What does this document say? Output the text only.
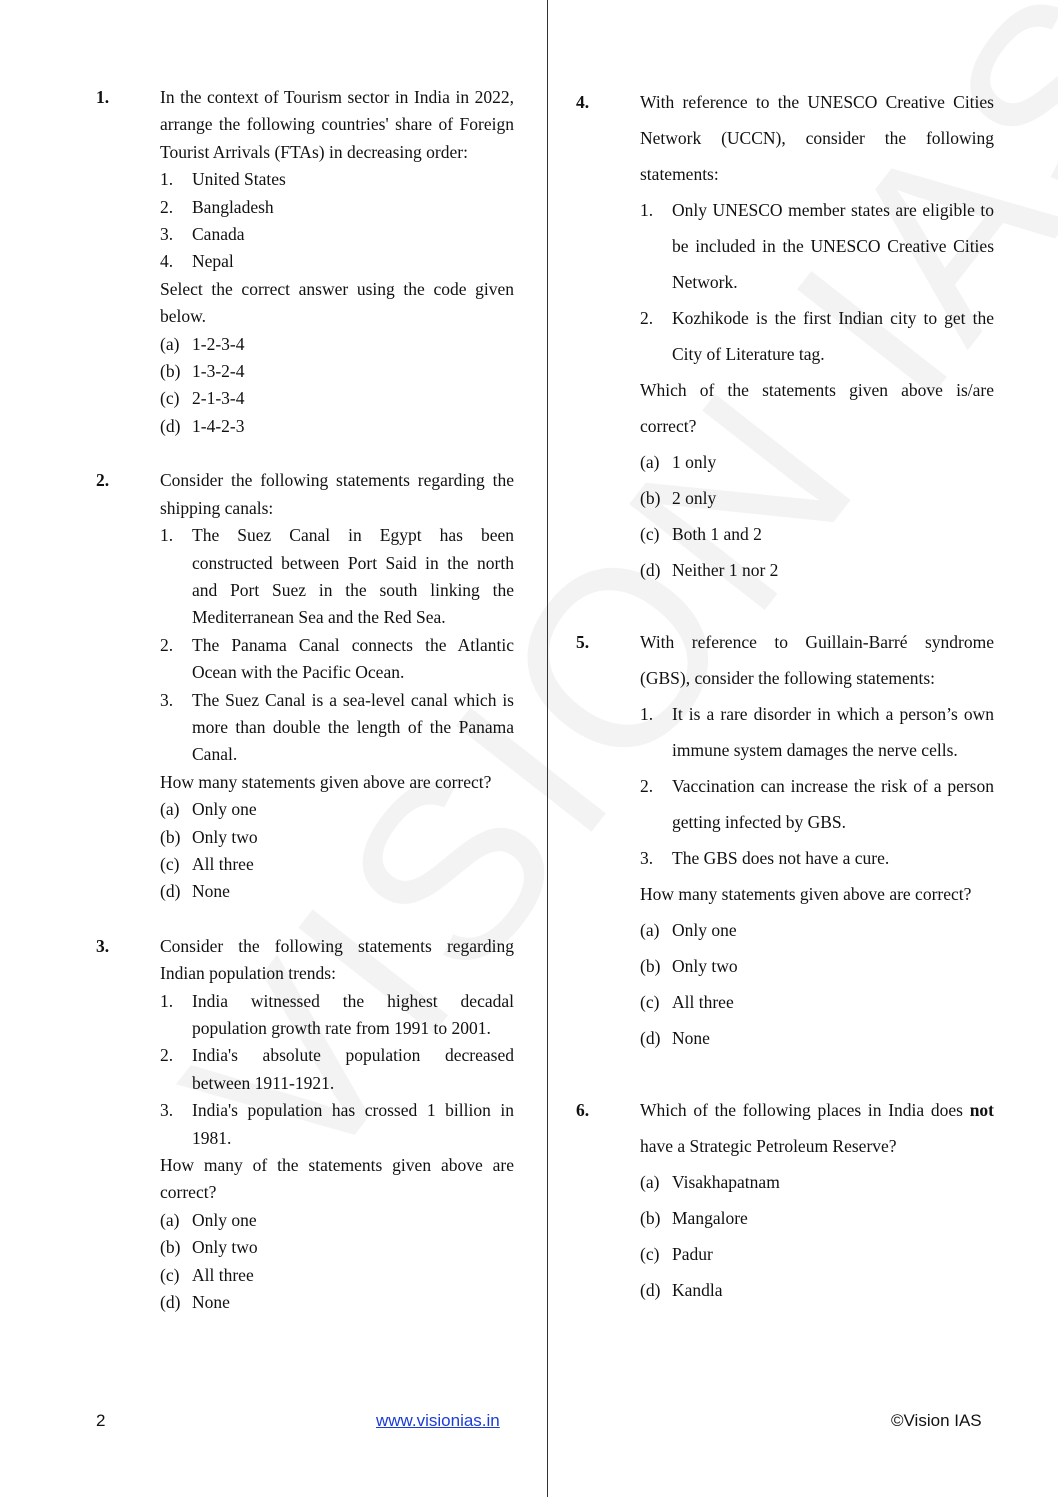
1.	In the context of Tourism sector in India in 2022, arrange the following countries' share of Foreign Tourist Arrivals (FTAs) in decreasing order:
1.	United States
2.	Bangladesh
3.	Canada
4.	Nepal
Select the correct answer using the code given below.
(a) 1-2-3-4
(b) 1-3-2-4
(c) 2-1-3-4
(d) 1-4-2-3
2.	Consider the following statements regarding the shipping canals:
1.	The Suez Canal in Egypt has been constructed between Port Said in the north and Port Suez in the south linking the Mediterranean Sea and the Red Sea.
2.	The Panama Canal connects the Atlantic Ocean with the Pacific Ocean.
3.	The Suez Canal is a sea-level canal which is more than double the length of the Panama Canal.
How many statements given above are correct?
(a) Only one
(b) Only two
(c) All three
(d) None
3.	Consider the following statements regarding Indian population trends:
1.	India witnessed the highest decadal population growth rate from 1991 to 2001.
2.	India's absolute population decreased between 1911-1921.
3.	India's population has crossed 1 billion in 1981.
How many of the statements given above are correct?
(a) Only one
(b) Only two
(c) All three
(d) None
4.	With reference to the UNESCO Creative Cities Network (UCCN), consider the following statements:
1.	Only UNESCO member states are eligible to be included in the UNESCO Creative Cities Network.
2.	Kozhikode is the first Indian city to get the City of Literature tag.
Which of the statements given above is/are correct?
(a) 1 only
(b) 2 only
(c) Both 1 and 2
(d) Neither 1 nor 2
5.	With reference to Guillain-Barré syndrome (GBS), consider the following statements:
1.	It is a rare disorder in which a person’s own immune system damages the nerve cells.
2.	Vaccination can increase the risk of a person getting infected by GBS.
3.	The GBS does not have a cure.
How many statements given above are correct?
(a) Only one
(b) Only two
(c) All three
(d) None
6.	Which of the following places in India does not have a Strategic Petroleum Reserve?
(a) Visakhapatnam
(b) Mangalore
(c) Padur
(d) Kandla
2	www.visionias.in	©Vision IAS
